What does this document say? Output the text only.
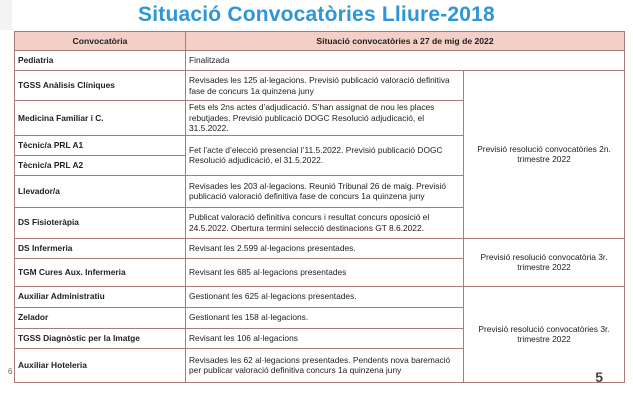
Situació Convocatòries Lliure-2018
Convocatòria	Situació convocatòries a 27 de mig de 2022	
Pediatria	Finalitzada	
TGSS Anàlisis Clíniques	Revisades les 125 al·legacions. Previsió publicació valoració definitiva fase de concurs 1a quinzena juny	Previsió resolució convocatòries 2n. trimestre 2022
Medicina Familiar i C.	Fets els 2ns actes d’adjudicació. S’han assignat de nou les places rebutjades. Previsió publicació DOGC Resolució adjudicació, el 31.5.2022.	
Tècnic/a PRL A1	Fet l’acte d’elecció presencial l’11.5.2022. Previsió publicació DOGC Resolució adjudicació, el 31.5.2022.	
Tècnic/a PRL A2		
Llevador/a	Revisades les 203 al·legacions. Reunió Tribunal 26 de maig. Previsió publicació valoració definitiva fase de concurs 1a quinzena juny	
DS Fisioteràpia	Publicat valoració definitiva concurs i resultat concurs oposició el 24.5.2022. Obertura termini selecció destinacions GT 8.6.2022.	
DS Infermeria	Revisant les 2.599 al·legacions presentades.	Previsió resolució convocatòria 3r. trimestre 2022
TGM Cures Aux. Infermeria	Revisant les 685 al·legacions presentades	
Auxiliar Administratiu	Gestionant les 625 al·legacions presentades.	Previsió resolució convocatòries 3r. trimestre 2022
Zelador	Gestionant les 158 al·legacions.	
TGSS Diagnòstic per la Imatge	Revisant les 106 al·legacions	
Auxiliar Hoteleria	Revisades les 62 al·legacions presentades. Pendents nova baremació per publicar valoració definitiva concurs 1a quinzena juny	
6	5
